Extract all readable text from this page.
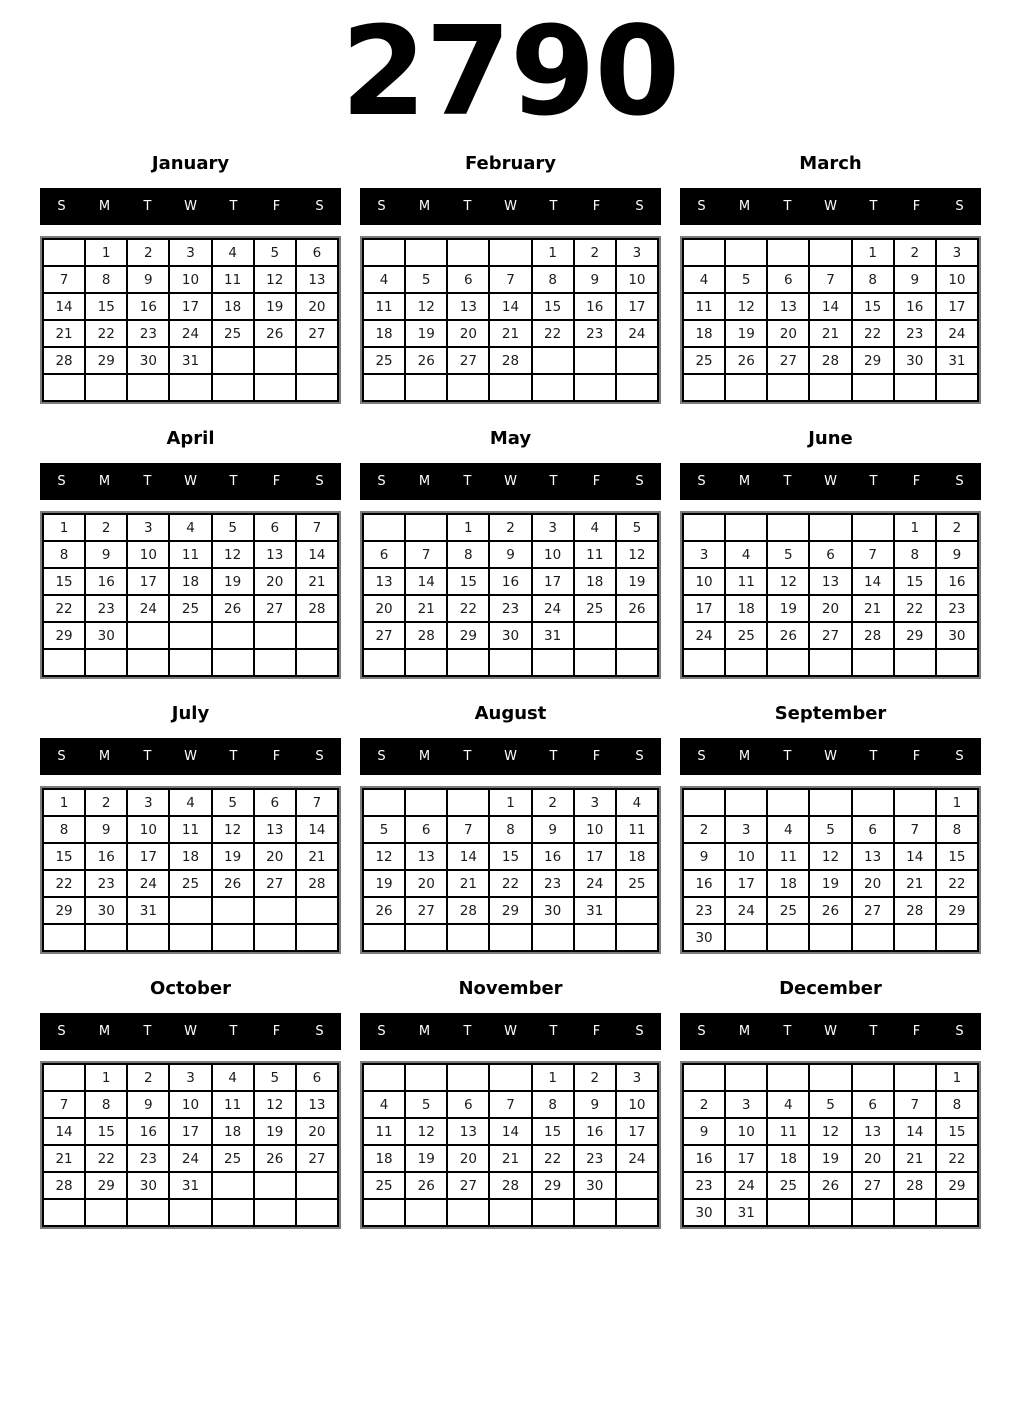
2790
January
S	M	T	W	T	F	S
	1	2	3	4	5	6
7	8	9	10	11	12	13
14	15	16	17	18	19	20
21	22	23	24	25	26	27
28	29	30	31			

February
S	M	T	W	T	F	S
				1	2	3
4	5	6	7	8	9	10
11	12	13	14	15	16	17
18	19	20	21	22	23	24
25	26	27	28			

March
S	M	T	W	T	F	S
				1	2	3
4	5	6	7	8	9	10
11	12	13	14	15	16	17
18	19	20	21	22	23	24
25	26	27	28	29	30	31

April
S	M	T	W	T	F	S
1	2	3	4	5	6	7
8	9	10	11	12	13	14
15	16	17	18	19	20	21
22	23	24	25	26	27	28
29	30					

May
S	M	T	W	T	F	S
		1	2	3	4	5
6	7	8	9	10	11	12
13	14	15	16	17	18	19
20	21	22	23	24	25	26
27	28	29	30	31		

June
S	M	T	W	T	F	S
					1	2
3	4	5	6	7	8	9
10	11	12	13	14	15	16
17	18	19	20	21	22	23
24	25	26	27	28	29	30

July
S	M	T	W	T	F	S
1	2	3	4	5	6	7
8	9	10	11	12	13	14
15	16	17	18	19	20	21
22	23	24	25	26	27	28
29	30	31				

August
S	M	T	W	T	F	S
			1	2	3	4
5	6	7	8	9	10	11
12	13	14	15	16	17	18
19	20	21	22	23	24	25
26	27	28	29	30	31	

September
S	M	T	W	T	F	S
						1
2	3	4	5	6	7	8
9	10	11	12	13	14	15
16	17	18	19	20	21	22
23	24	25	26	27	28	29
30						
October
S	M	T	W	T	F	S
	1	2	3	4	5	6
7	8	9	10	11	12	13
14	15	16	17	18	19	20
21	22	23	24	25	26	27
28	29	30	31			

November
S	M	T	W	T	F	S
				1	2	3
4	5	6	7	8	9	10
11	12	13	14	15	16	17
18	19	20	21	22	23	24
25	26	27	28	29	30	

December
S	M	T	W	T	F	S
						1
2	3	4	5	6	7	8
9	10	11	12	13	14	15
16	17	18	19	20	21	22
23	24	25	26	27	28	29
30	31					
